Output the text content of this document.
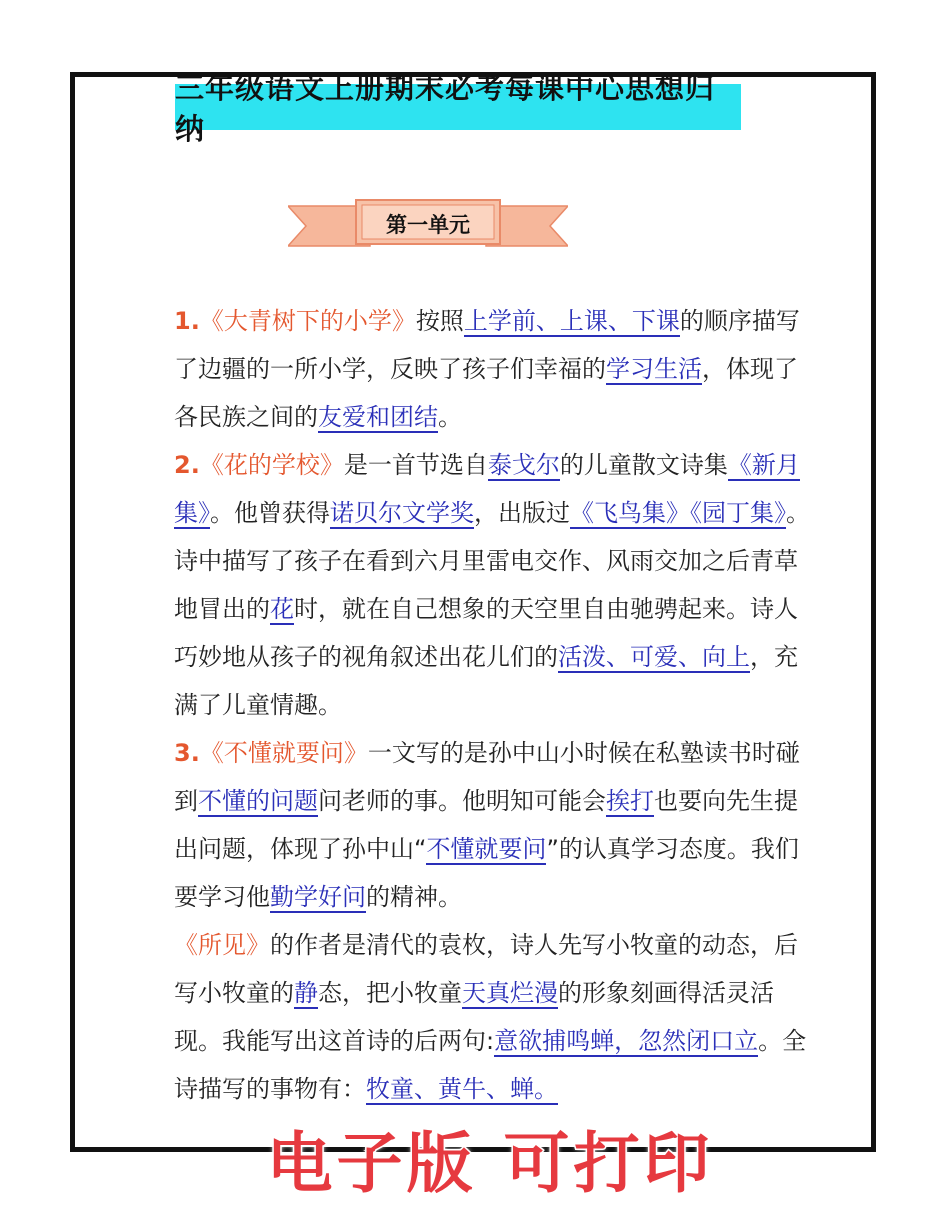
三年级语文上册期末必考每课中心思想归纳
第一单元

1.《大青树下的小学》按照上学前、上课、下课的顺序描写了边疆的一所小学，反映了孩子们幸福的学习生活，体现了各民族之间的友爱和团结。

2.《花的学校》是一首节选自泰戈尔的儿童散文诗集《新月集》。他曾获得诺贝尔文学奖，出版过《飞鸟集》《园丁集》。诗中描写了孩子在看到六月里雷电交作、风雨交加之后青草地冒出的花时，就在自己想象的天空里自由驰骋起来。诗人巧妙地从孩子的视角叙述出花儿们的活泼、可爱、向上，充满了儿童情趣。

3.《不懂就要问》一文写的是孙中山小时候在私塾读书时碰到不懂的问题问老师的事。他明知可能会挨打也要向先生提出问题，体现了孙中山“不懂就要问”的认真学习态度。我们要学习他勤学好问的精神。

《所见》的作者是清代的袁枚，诗人先写小牧童的动态，后写小牧童的静态，把小牧童天真烂漫的形象刻画得活灵活现。我能写出这首诗的后两句:意欲捕鸣蝉，忽然闭口立。全诗描写的事物有：牧童、黄牛、蝉。

电子版 可打印
